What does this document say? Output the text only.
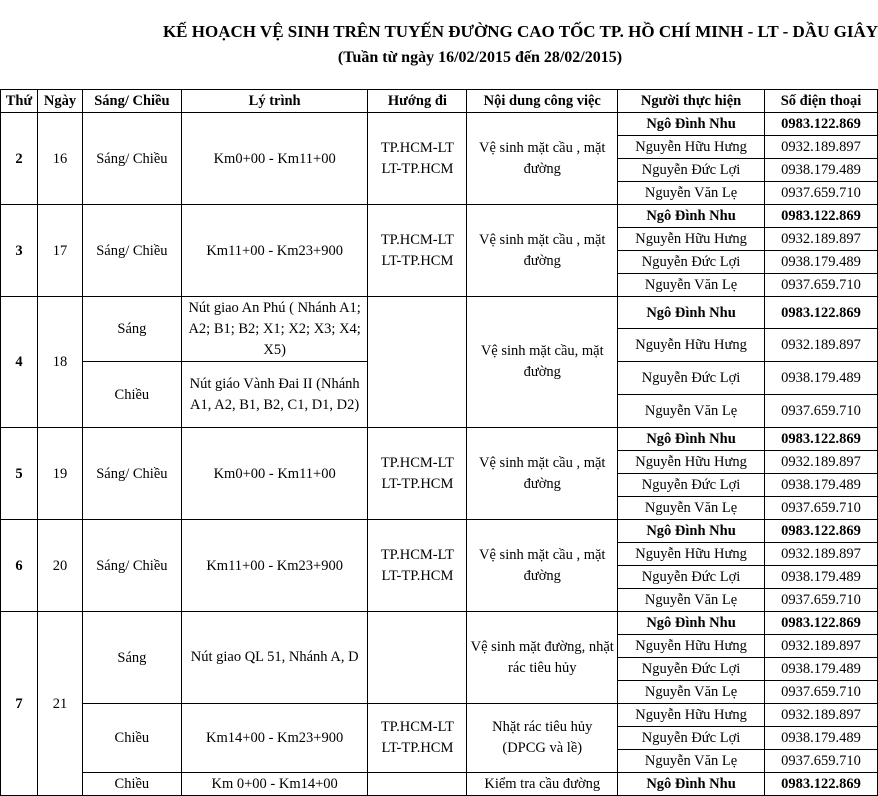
KẾ HOẠCH VỆ SINH TRÊN TUYẾN ĐƯỜNG CAO TỐC TP. HỒ CHÍ MINH - LT - DẦU GIÂY
(Tuần từ ngày 16/02/2015 đến 28/02/2015)
Thứ	Ngày	Sáng/ Chiều	Lý trình	Hướng đi	Nội dung công việc	Người thực hiện	Số điện thoại
2	16	Sáng/ Chiều	Km0+00 - Km11+00	TP.HCM-LT LT-TP.HCM	Vệ sinh mặt cầu , mặt đường	Ngô Đình Nhu	0983.122.869
						Nguyễn Hữu Hưng	0932.189.897
						Nguyễn Đức Lợi	0938.179.489
						Nguyễn Văn Lẹ	0937.659.710
3	17	Sáng/ Chiều	Km11+00 - Km23+900	TP.HCM-LT LT-TP.HCM	Vệ sinh mặt cầu , mặt đường	Ngô Đình Nhu	0983.122.869
						Nguyễn Hữu Hưng	0932.189.897
						Nguyễn Đức Lợi	0938.179.489
						Nguyễn Văn Lẹ	0937.659.710
4	18	Sáng	Nút giao An Phú ( Nhánh A1; A2; B1; B2; X1; X2; X3; X4; X5)		Vệ sinh mặt cầu, mặt đường	Ngô Đình Nhu	0983.122.869
						Nguyễn Hữu Hưng	0932.189.897
		Chiều	Nút giáo Vành Đai II (Nhánh A1, A2, B1, B2, C1, D1, D2)			Nguyễn Đức Lợi	0938.179.489
						Nguyễn Văn Lẹ	0937.659.710
5	19	Sáng/ Chiều	Km0+00 - Km11+00	TP.HCM-LT LT-TP.HCM	Vệ sinh mặt cầu , mặt đường	Ngô Đình Nhu	0983.122.869
						Nguyễn Hữu Hưng	0932.189.897
						Nguyễn Đức Lợi	0938.179.489
						Nguyễn Văn Lẹ	0937.659.710
6	20	Sáng/ Chiều	Km11+00 - Km23+900	TP.HCM-LT LT-TP.HCM	Vệ sinh mặt cầu , mặt đường	Ngô Đình Nhu	0983.122.869
						Nguyễn Hữu Hưng	0932.189.897
						Nguyễn Đức Lợi	0938.179.489
						Nguyễn Văn Lẹ	0937.659.710
7	21	Sáng	Nút giao QL 51, Nhánh A, D		Vệ sinh mặt đường, nhặt rác tiêu hủy	Ngô Đình Nhu	0983.122.869
						Nguyễn Hữu Hưng	0932.189.897
						Nguyễn Đức Lợi	0938.179.489
						Nguyễn Văn Lẹ	0937.659.710
		Chiều	Km14+00 - Km23+900	TP.HCM-LT LT-TP.HCM	Nhặt rác tiêu hủy (DPCG và lề)	Nguyễn Hữu Hưng	0932.189.897
						Nguyễn Đức Lợi	0938.179.489
						Nguyễn Văn Lẹ	0937.659.710
		Chiều	Km 0+00 - Km14+00		Kiểm tra cầu đường	Ngô Đình Nhu	0983.122.869
